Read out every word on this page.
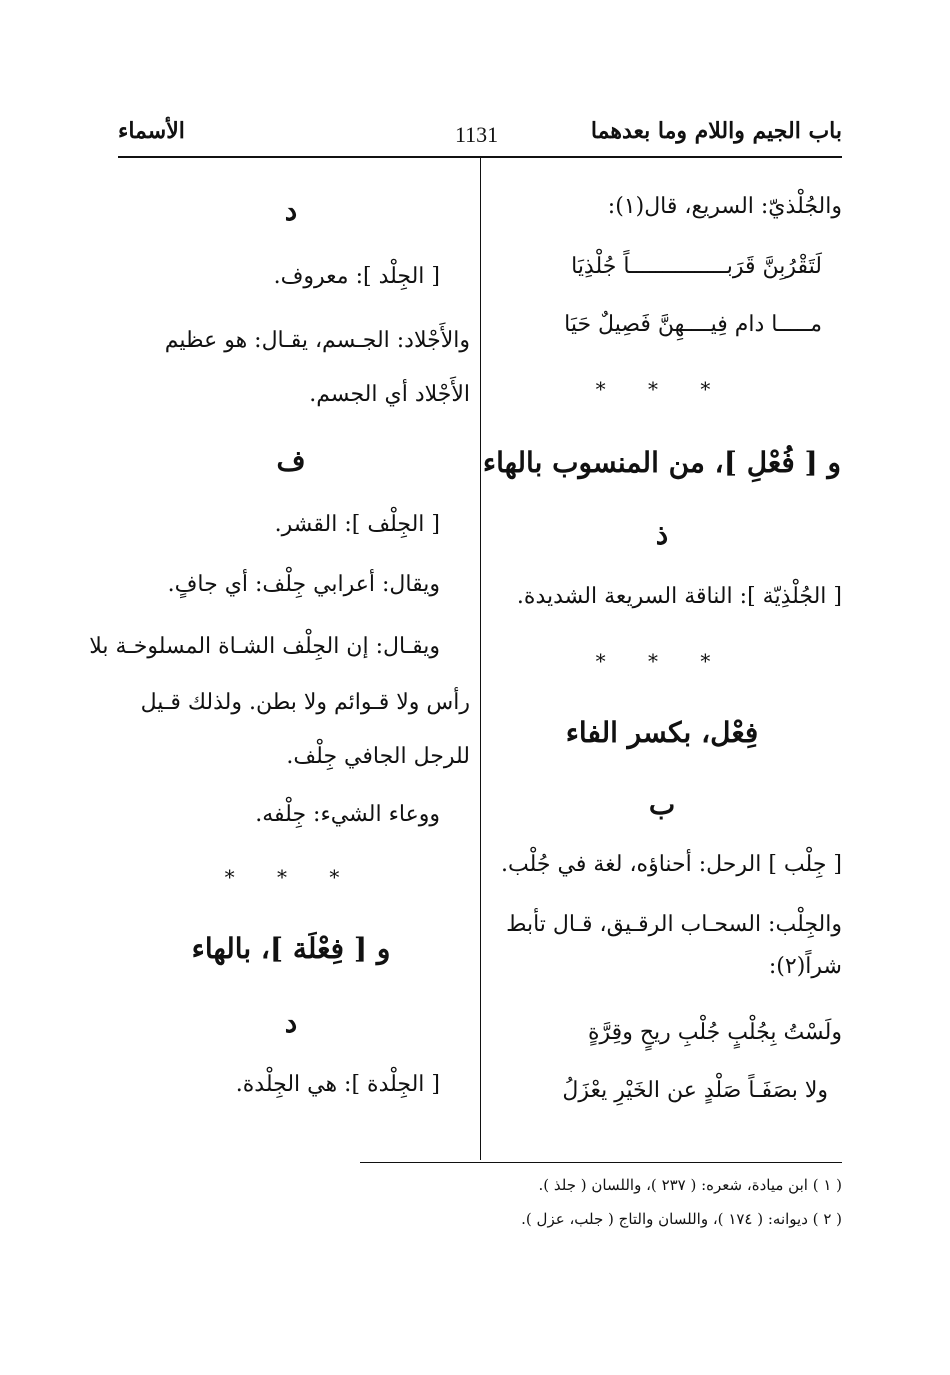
باب الجيم واللام وما بعدهما
1131
الأسماء
والجُلْذيّ: السريع، قال(١):
لَتَقْرُبِنَّ قَرَبـــــــــــــــاً جُلْذِيَا
مـــــا دام فِيــــهِنَّ فَصِيلٌ حَيَا
* * *
و [ فُعْلِ ]، من المنسوب بالهاء
ذ
[ الجُلْذِيّة ]: الناقة السريعة الشديدة.
* * *
فِعْل، بكسر الفاء
ب
[ جِلْب ] الرحل: أحناؤه، لغة في جُلْب.
والجِلْب: السحـاب الرقـيق، قـال تأبط
شراً(٢):
ولَسْتُ بِجُلْبٍ جُلْبِ ريحٍ وقِرَّةٍ
ولا بصَفَـاً صَلْدٍ عن الخَيْرِ يعْزَلُ
د
[ الجِلْد ]: معروف.
والأَجْلاد: الجـسم، يقـال: هو عظيم
الأَجْلاد أي الجسم.
ف
[ الجِلْف ]: القشر.
ويقال: أعرابي جِلْف: أي جافٍ.
ويقـال: إن الجِلْف الشـاة المسلوخـة بلا
رأس ولا قـوائم ولا بطن. ولذلك قـيل
للرجل الجافي جِلْف.
ووعاء الشيء: جِلْفه.
* * *
و [ فِعْلَة ]، بالهاء
د
[ الجِلْدة ]: هي الجِلْدة.
( ١ ) ابن ميادة، شعره: ( ٢٣٧ )، واللسان ( جلذ ).
( ٢ ) ديوانه: ( ١٧٤ )، واللسان والتاج ( جلب، عزل ).
